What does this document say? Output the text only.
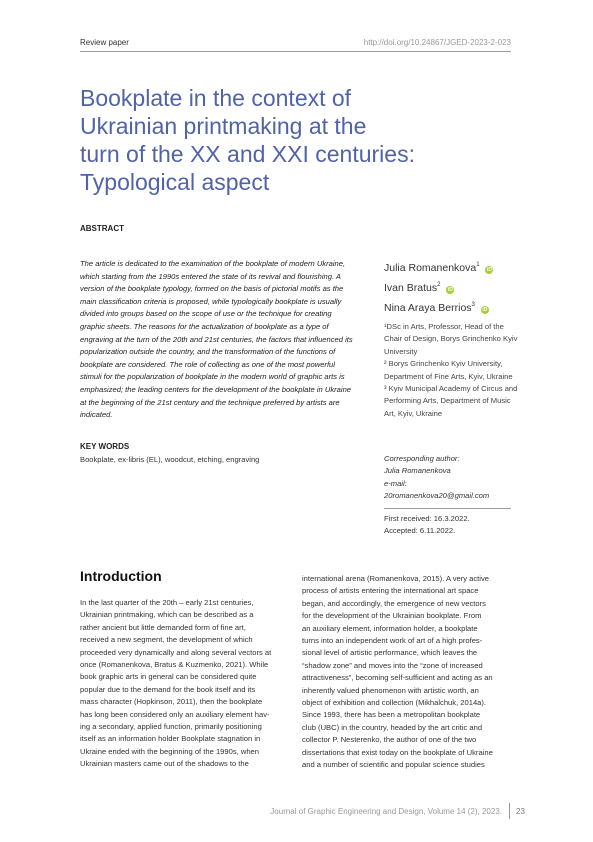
Review paper	http://doi.org/10.24867/JGED-2023-2-023
Bookplate in the context of
Ukrainian printmaking at the
turn of the XX and XXI centuries:
Typological aspect
ABSTRACT
The article is dedicated to the examination of the bookplate of modern Ukraine, which starting from the 1990s entered the state of its revival and flourishing. A version of the bookplate typology, formed on the basis of pictorial motifs as the main classification criteria is proposed, while typologically bookplate is usually divided into groups based on the scope of use or the technique for creating graphic sheets. The reasons for the actualization of bookplate as a type of engraving at the turn of the 20th and 21st centuries, the factors that influenced its popularization outside the country, and the transformation of the functions of bookplate are considered. The role of collecting as one of the most powerful stimuli for the popularization of bookplate in the modern world of graphic arts is emphasized; the leading centers for the development of the bookplate in Ukraine at the beginning of the 21st century and the technique preferred by artists are indicated.
Julia Romanenkova$^1$ iD
Ivan Bratus$^2$ iD
Nina Araya Berrios$^3$ iD
¹DSc in Arts, Professor, Head of the Chair of Design, Borys Grinchenko Kyiv University
² Borys Grinchenko Kyiv University, Department of Fine Arts, Kyiv, Ukraine
³ Kyiv Municipal Academy of Circus and Performing Arts, Department of Music Art, Kyiv, Ukraine
KEY WORDS
Bookplate, ex-libris (EL), woodcut, etching, engraving	Corresponding author:
Julia Romanenkova
e-mail:
20romanenkova20@gmail.com
First received: 16.3.2022.
Accepted: 6.11.2022.
Introduction
In the last quarter of the 20th – early 21st centuries,
Ukrainian printmaking, which can be described as a
rather ancient but little demanded form of fine art,
received a new segment, the development of which
proceeded very dynamically and along several vectors at
once (Romanenkova, Bratus & Kuzmenko, 2021). While
book graphic arts in general can be considered quite
popular due to the demand for the book itself and its
mass character (Hopkinson, 2011), then the bookplate
has long been considered only an auxiliary element hav-
ing a secondary, applied function, primarily positioning
itself as an information holder Bookplate stagnation in
Ukraine ended with the beginning of the 1990s, when
Ukrainian masters came out of the shadows to the
international arena (Romanenkova, 2015). A very active
process of artists entering the international art space
began, and accordingly, the emergence of new vectors
for the development of the Ukrainian bookplate. From
an auxiliary element, information holder, a bookplate
turns into an independent work of art of a high profes-
sional level of artistic performance, which leaves the
“shadow zone” and moves into the “zone of increased
attractiveness”, becoming self-sufficient and acting as an
inherently valued phenomenon with artistic worth, an
object of exhibition and collection (Mikhalchuk, 2014a).
Since 1993, there has been a metropolitan bookplate
club (UBC) in the country, headed by the art critic and
collector P. Nesterenko, the author of one of the two
dissertations that exist today on the bookplate of Ukraine
and a number of scientific and popular science studies
Journal of Graphic Engineering and Design, Volume 14 (2), 2023. 23
